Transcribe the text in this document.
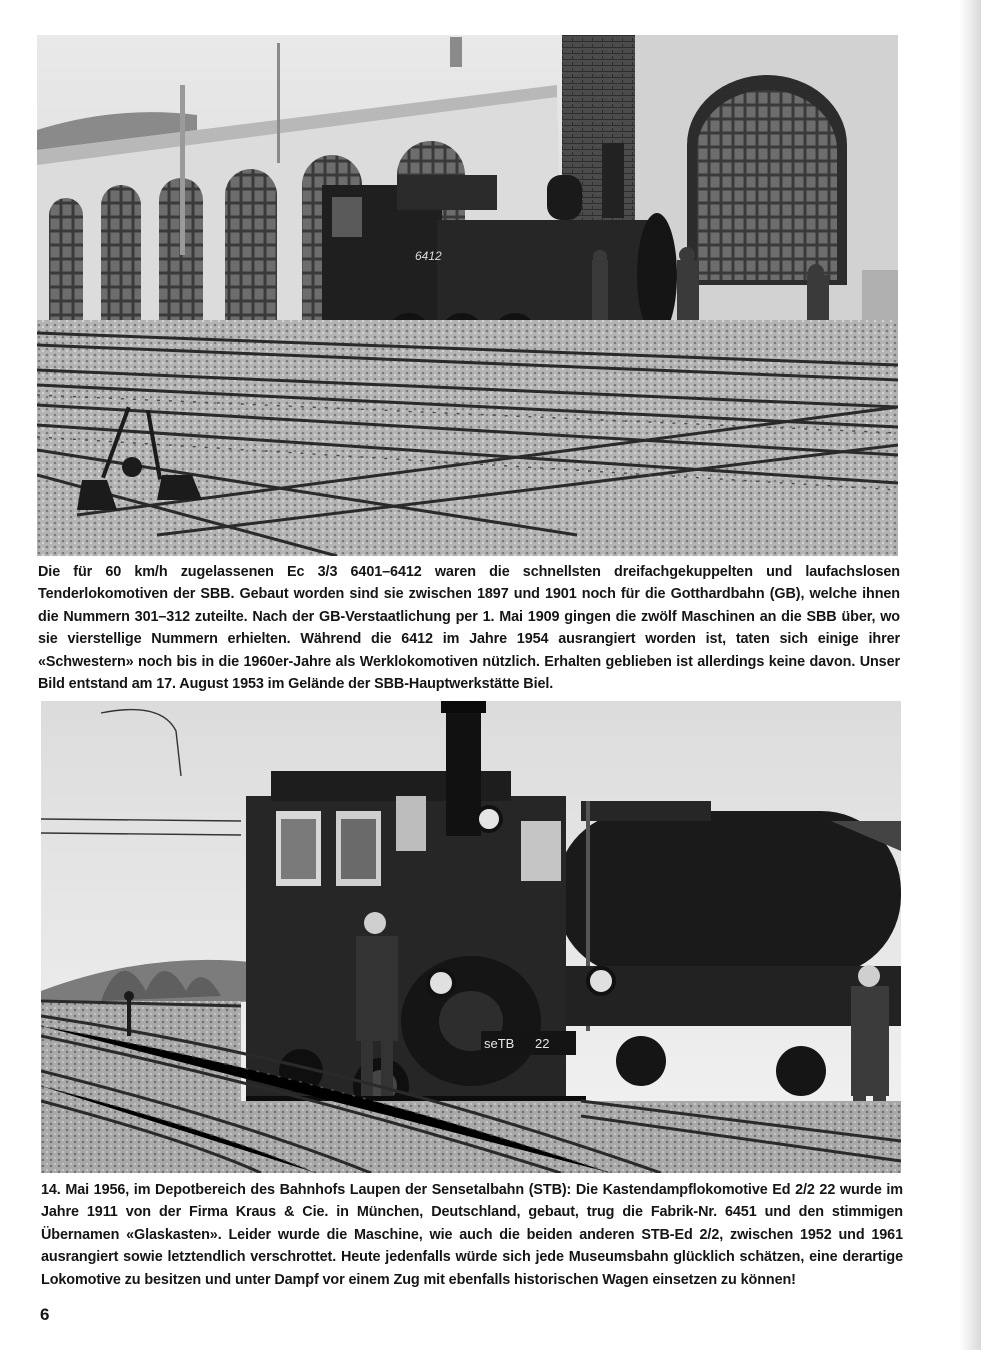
6412

Die für 60 km/h zugelassenen Ec 3/3 6401–6412 waren die schnellsten dreifachgekuppelten und laufachslosen Tenderlokomotiven der SBB. Gebaut worden sind sie zwischen 1897 und 1901 noch für die Gotthardbahn (GB), welche ihnen die Nummern 301–312 zuteilte. Nach der GB-Verstaatlichung per 1. Mai 1909 gingen die zwölf Maschinen an die SBB über, wo sie vierstellige Nummern erhielten. Während die 6412 im Jahre 1954 ausrangiert worden ist, taten sich einige ihrer «Schwestern» noch bis in die 1960er-Jahre als Werklokomotiven nützlich. Erhalten geblieben ist allerdings keine davon. Unser Bild entstand am 17. August 1953 im Gelände der SBB-Hauptwerkstätte Biel.

seTB 22

14. Mai 1956, im Depotbereich des Bahnhofs Laupen der Sensetalbahn (STB): Die Kastendampflokomotive Ed 2/2 22 wurde im Jahre 1911 von der Firma Kraus & Cie. in München, Deutschland, gebaut, trug die Fabrik-Nr. 6451 und den stimmigen Übernamen «Glaskasten». Leider wurde die Maschine, wie auch die beiden anderen STB-Ed 2/2, zwischen 1952 und 1961 ausrangiert sowie letztendlich verschrottet. Heute jedenfalls würde sich jede Museumsbahn glücklich schätzen, eine derartige Lokomotive zu besitzen und unter Dampf vor einem Zug mit ebenfalls historischen Wagen einsetzen zu können!

6
